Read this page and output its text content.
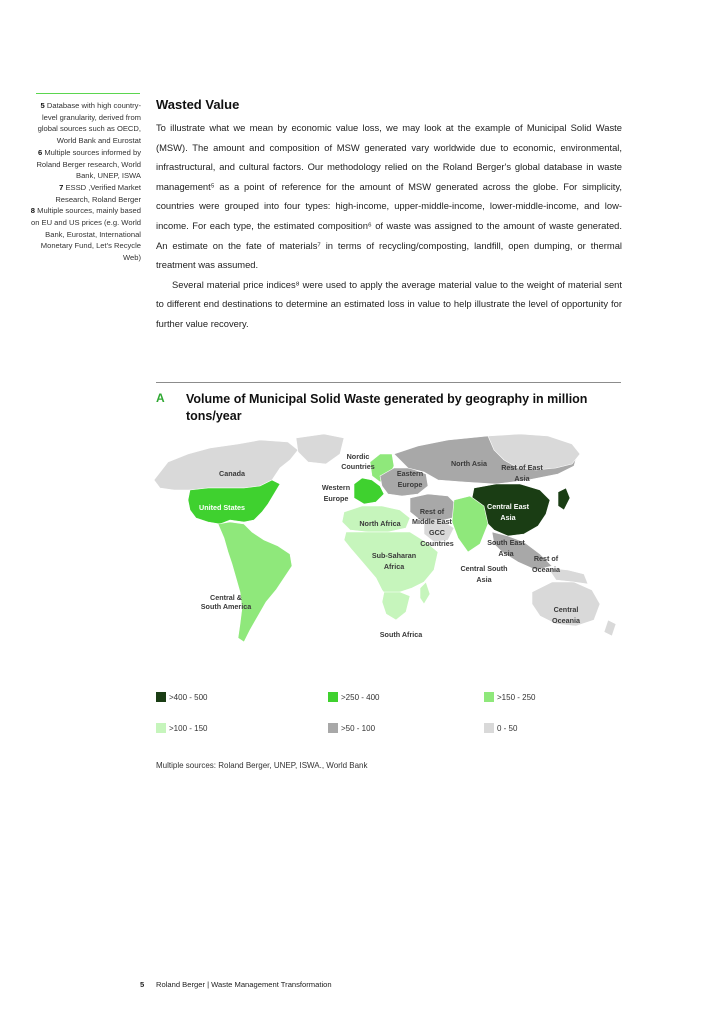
5 Database with high country-level granularity, derived from global sources such as OECD, World Bank and Eurostat

6 Multiple sources informed by Roland Berger research, World Bank, UNEP, ISWA

7 ESSD ,Verified Market Research, Roland Berger

8 Multiple sources, mainly based on EU and US prices (e.g. World Bank, Eurostat, International Monetary Fund, Let's Recycle Web)

Wasted Value

To illustrate what we mean by economic value loss, we may look at the example of Municipal Solid Waste (MSW). The amount and composition of MSW generated vary worldwide due to economic, environmental, infrastructural, and cultural factors. Our methodology relied on the Roland Berger's global database in waste management⁵ as a point of reference for the amount of MSW generated across the globe. For simplicity, countries were grouped into four types: high-income, upper-middle-income, lower-middle-income, and low-income. For each type, the estimated composition⁶ of waste was assigned to the amount of waste generated. An estimate on the fate of materials⁷ in terms of recycling/composting, landfill, open dumping, or thermal treatment was assumed.

Several material price indices⁸ were used to apply the average material value to the weight of material sent to different end destinations to determine an estimated loss in value to help illustrate the level of opportunity for further value recovery.

A Volume of Municipal Solid Waste generated by geography in million tons/year
Canada
United States
Central &
South America
Nordic
Countries
Western
Europe
Eastern
Europe
North Asia Rest of East
Asia
Central East
Asia
North Africa
Rest of
Middle East
GCC
Countries
Sub-Saharan
Africa
South Africa
South East
Asia
Central South
Asia
Rest of
Oceania
Central
Oceania
>400 - 500	>250 - 400	>150 - 250
>100 - 150	>50 - 100	0 - 50
Multiple sources: Roland Berger, UNEP, ISWA., World Bank
5 Roland Berger | Waste Management Transformation
